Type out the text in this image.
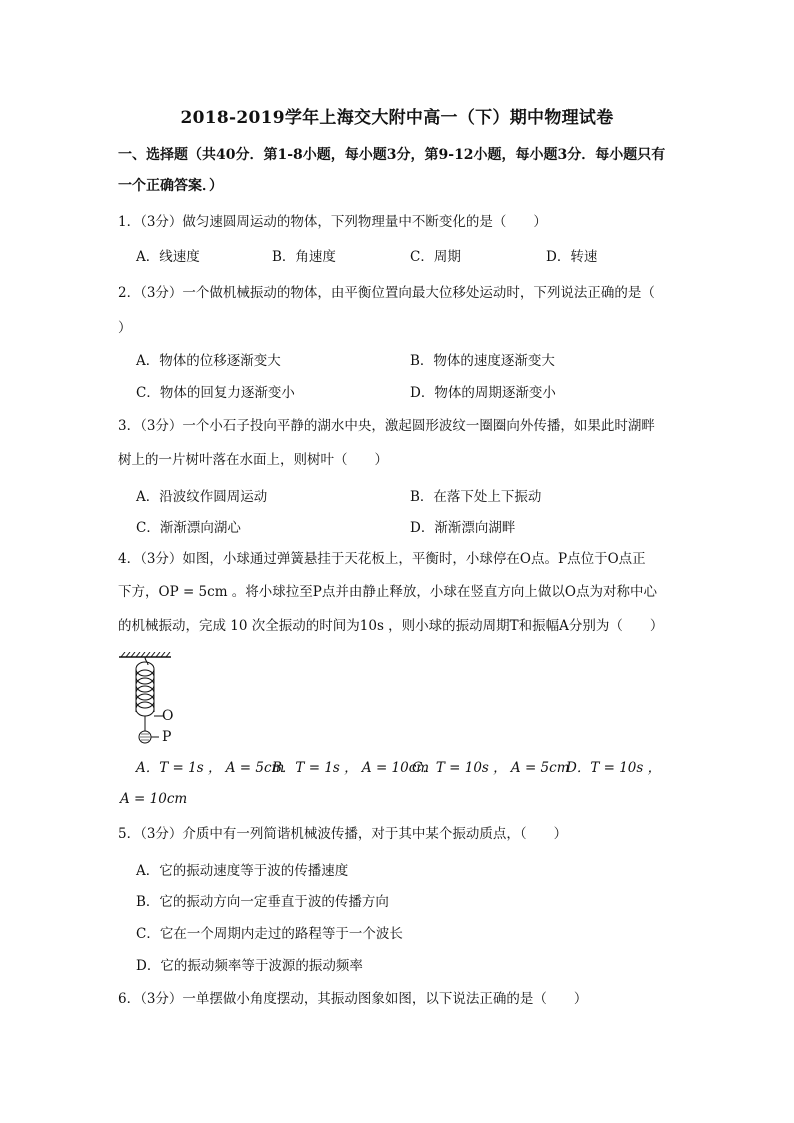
2018-2019学年上海交大附中高一（下）期中物理试卷
一、选择题（共40分．第1-8小题，每小题3分，第9-12小题，每小题3分．每小题只有
一个正确答案．）
1．（3分）做匀速圆周运动的物体，下列物理量中不断变化的是（　　）
A．线速度	B．角速度	C．周期	D．转速
2．（3分）一个做机械振动的物体，由平衡位置向最大位移处运动时，下列说法正确的是（
）
A．物体的位移逐渐变大	B．物体的速度逐渐变大
C．物体的回复力逐渐变小	D．物体的周期逐渐变小
3．（3分）一个小石子投向平静的湖水中央，激起圆形波纹一圈圈向外传播，如果此时湖畔
树上的一片树叶落在水面上，则树叶（　　）
A．沿波纹作圆周运动	B．在落下处上下振动
C．渐渐漂向湖心	D．渐渐漂向湖畔
4．（3分）如图，小球通过弹簧悬挂于天花板上，平衡时，小球停在O点。P点位于O点正
下方，OP = 5cm 。将小球拉至P点并由静止释放，小球在竖直方向上做以O点为对称中心
的机械振动，完成 10 次全振动的时间为10s ，则小球的振动周期T和振幅A分别为（　　）
O
P
A．T = 1s ， A = 5cm
B．T = 1s ， A = 10cm
C．T = 10s ， A = 5cm
D．T = 10s ，
A = 10cm
5．（3分）介质中有一列简谐机械波传播，对于其中某个振动质点，（　　）
A．它的振动速度等于波的传播速度
B．它的振动方向一定垂直于波的传播方向
C．它在一个周期内走过的路程等于一个波长
D．它的振动频率等于波源的振动频率
6．（3分）一单摆做小角度摆动，其振动图象如图，以下说法正确的是（　　）
